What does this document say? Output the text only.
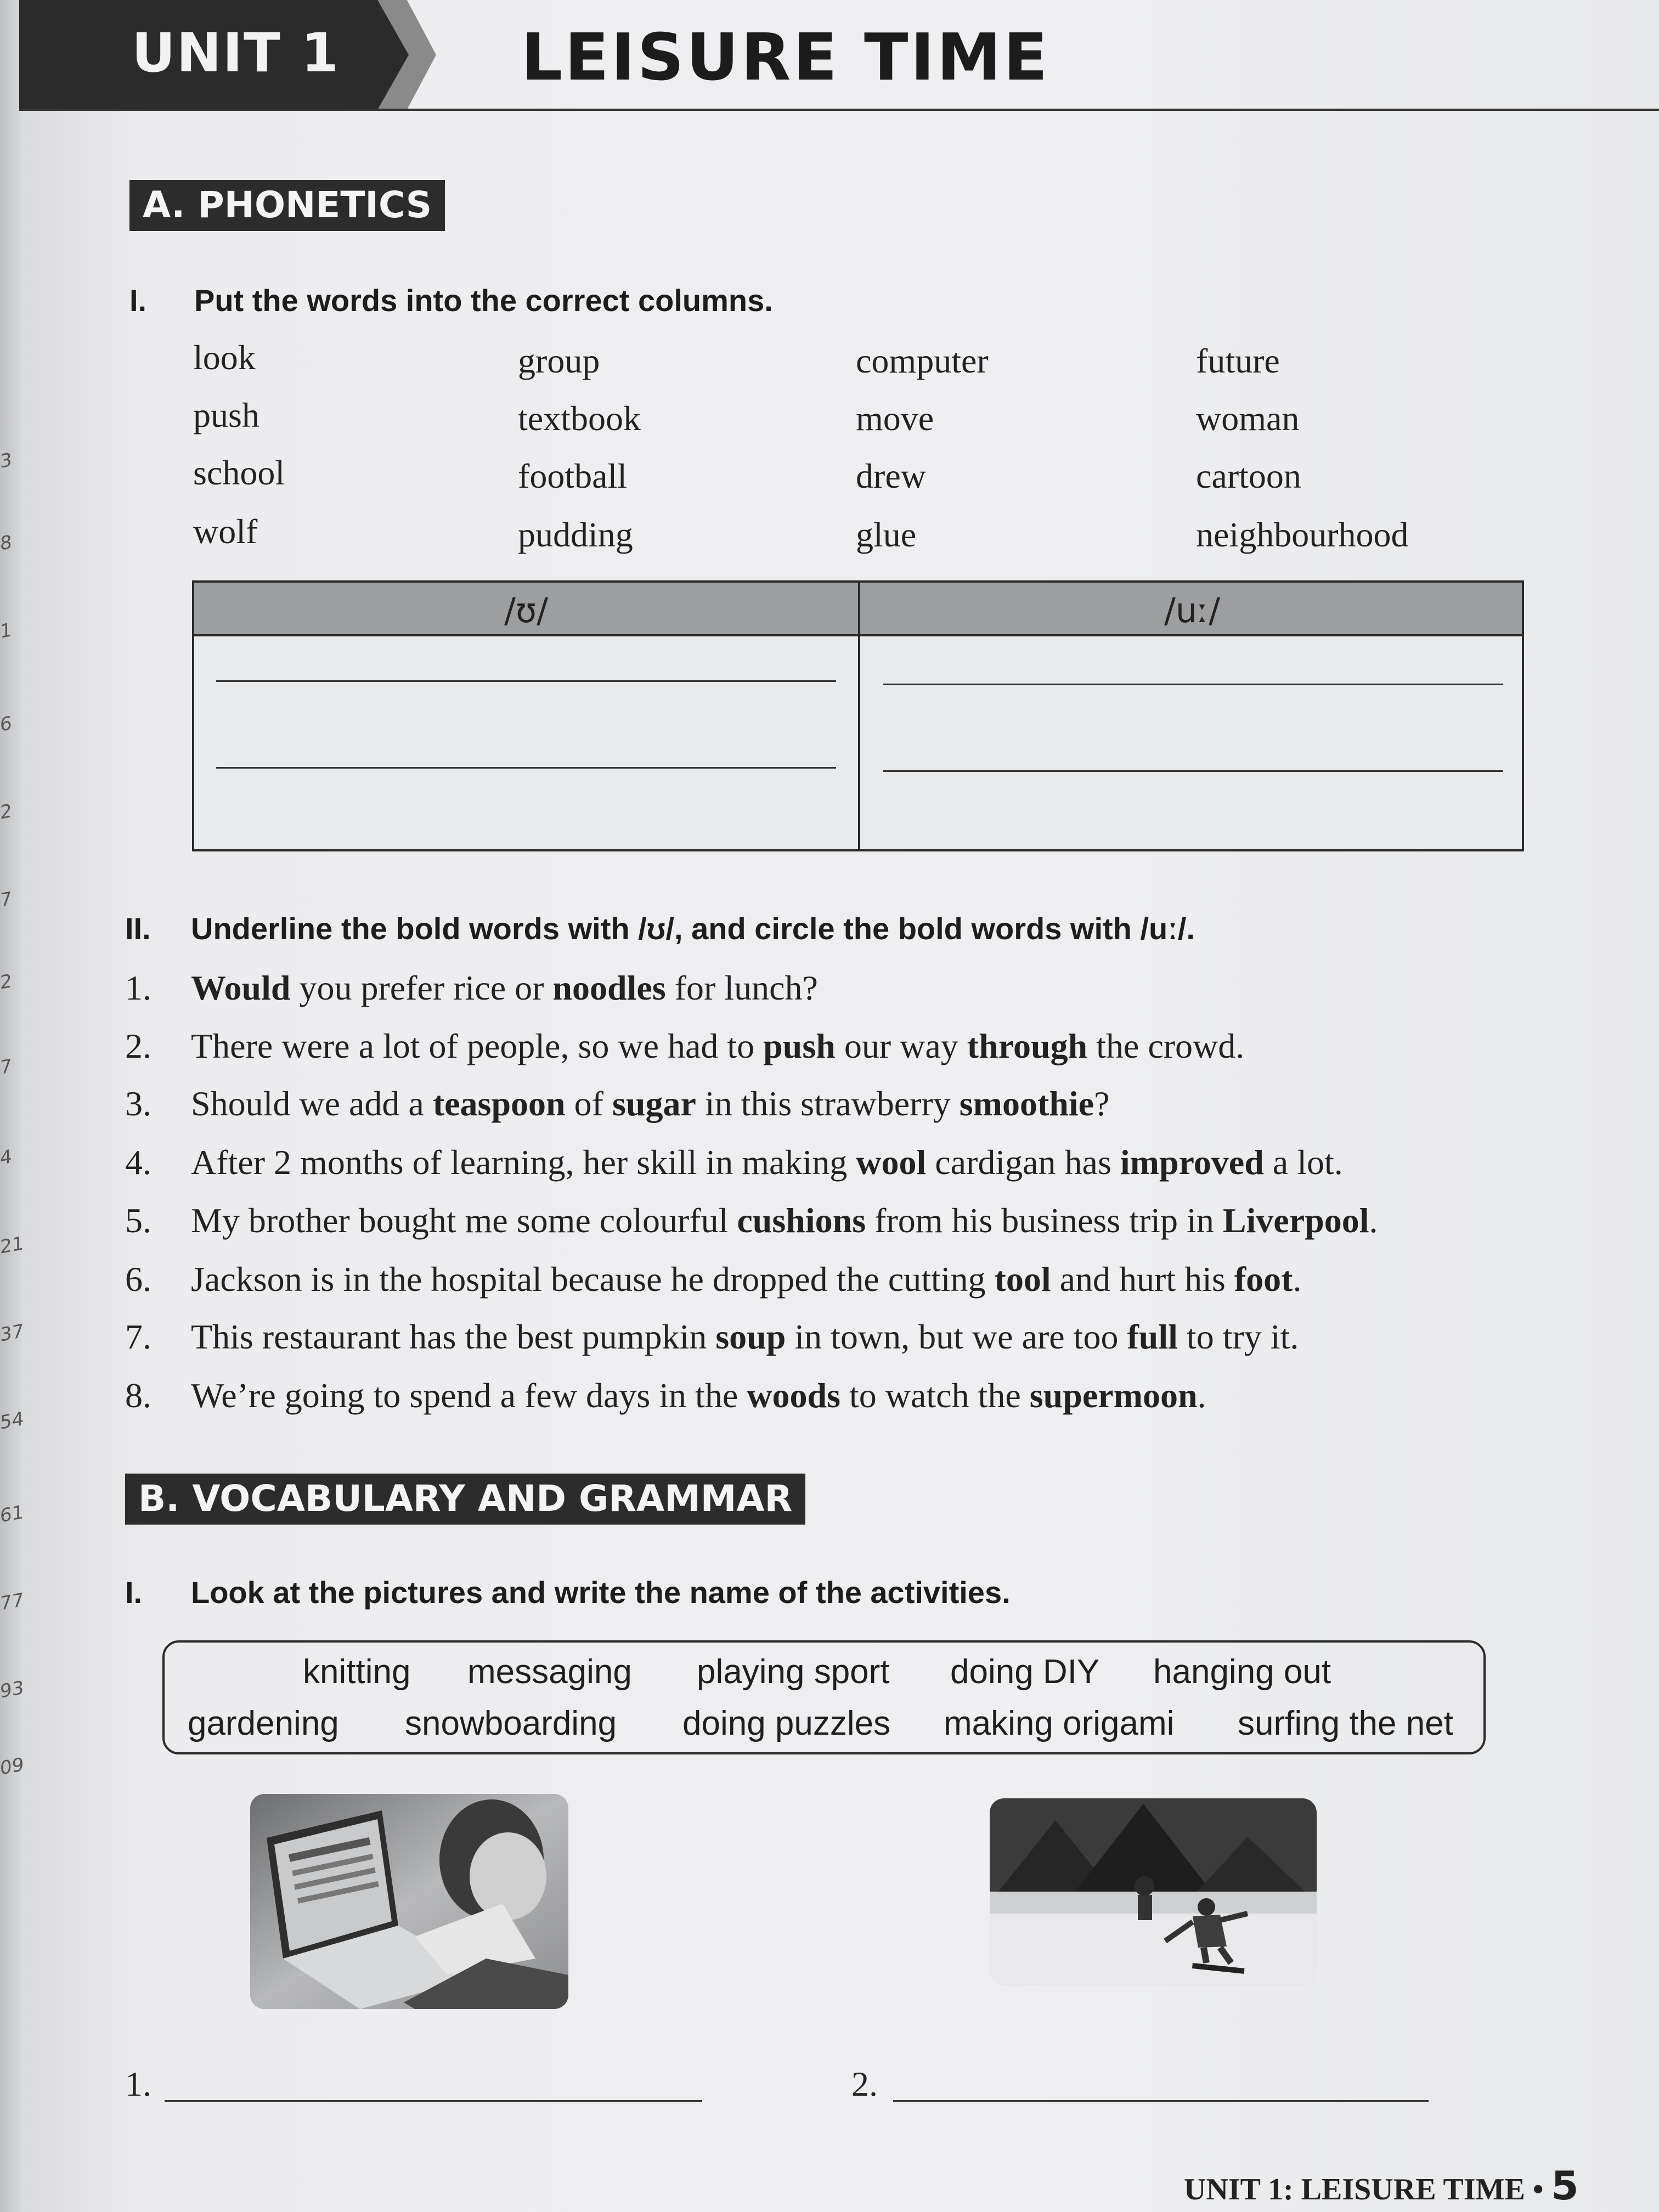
3
8
1
6
2
7
2
7
4
21
37
54
61
77
93
09
UNIT 1	LEISURE TIME
A. PHONETICS
I. Put the words into the correct columns.
look	group	computer	future
push	textbook	move	woman
school	football	drew	cartoon
wolf	pudding	glue	neighbourhood
/ʊ/	/uː/
II. Underline the bold words with /ʊ/, and circle the bold words with /uː/.
1. Would you prefer rice or noodles for lunch?
2. There were a lot of people, so we had to push our way through the crowd.
3. Should we add a teaspoon of sugar in this strawberry smoothie?
4. After 2 months of learning, her skill in making wool cardigan has improved a lot.
5. My brother bought me some colourful cushions from his business trip in Liverpool.
6. Jackson is in the hospital because he dropped the cutting tool and hurt his foot.
7. This restaurant has the best pumpkin soup in town, but we are too full to try it.
8. We’re going to spend a few days in the woods to watch the supermoon.
B. VOCABULARY AND GRAMMAR
I. Look at the pictures and write the name of the activities.
knitting messaging playing sport doing DIY hanging out
gardening snowboarding doing puzzles making origami surfing the net
1.	2.
UNIT 1: LEISURE TIME • 5
